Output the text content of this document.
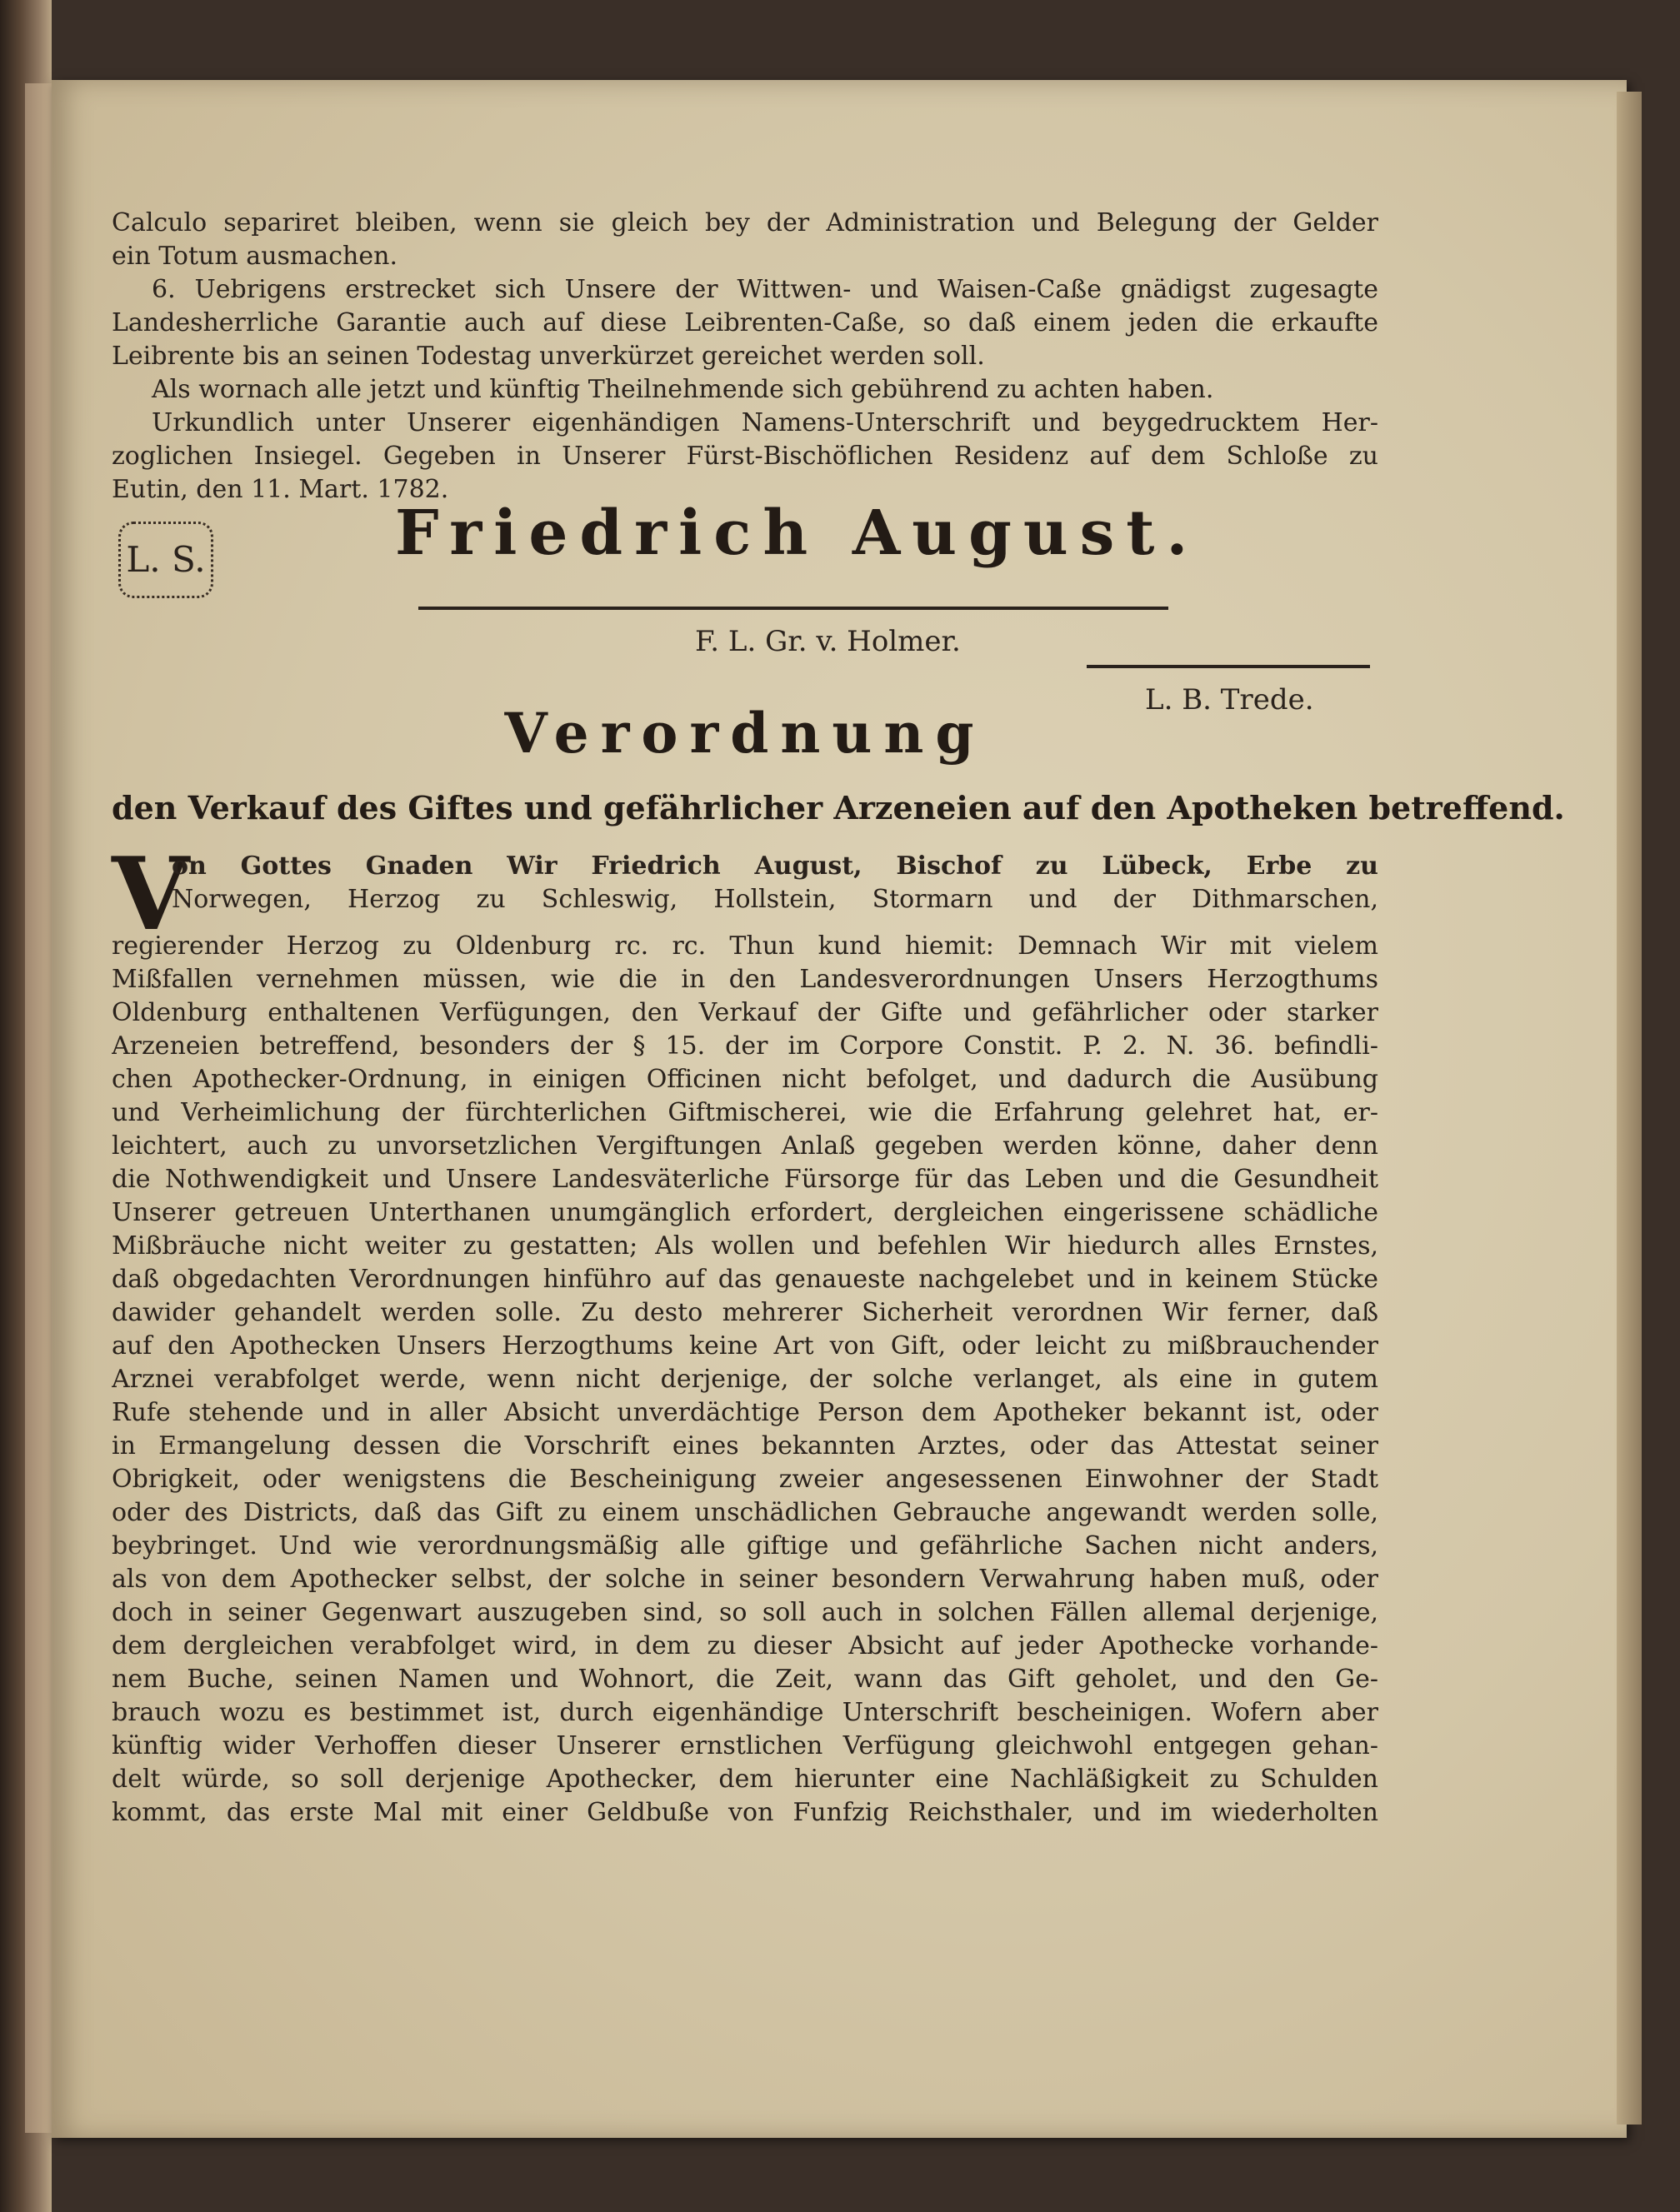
Calculo separiret bleiben, wenn sie gleich bey der Administration und Belegung der Gelder
ein Totum ausmachen.
6. Uebrigens erstrecket sich Unsere der Wittwen- und Waisen-Caße gnädigst zugesagte
Landesherrliche Garantie auch auf diese Leibrenten-Caße, so daß einem jeden die erkaufte
Leibrente bis an seinen Todestag unverkürzet gereichet werden soll.
Als wornach alle jetzt und künftig Theilnehmende sich gebührend zu achten haben.
Urkundlich unter Unserer eigenhändigen Namens-Unterschrift und beygedrucktem Her-
zoglichen Insiegel. Gegeben in Unserer Fürst-Bischöflichen Residenz auf dem Schloße zu
Eutin, den 11. Mart. 1782.
L. S.	Friedrich August.
F. L. Gr. v. Holmer.
L. B. Trede.
Verordnung
den Verkauf des Giftes und gefährlicher Arzeneien auf den Apotheken betreffend.
V
on Gottes Gnaden Wir Friedrich August, Bischof zu Lübeck, Erbe zu
Norwegen, Herzog zu Schleswig, Hollstein, Stormarn und der Dithmarschen,
regierender Herzog zu Oldenburg rc. rc. Thun kund hiemit: Demnach Wir mit vielem
Mißfallen vernehmen müssen, wie die in den Landesverordnungen Unsers Herzogthums
Oldenburg enthaltenen Verfügungen, den Verkauf der Gifte und gefährlicher oder starker
Arzeneien betreffend, besonders der § 15. der im Corpore Constit. P. 2. N. 36. befindli-
chen Apothecker-Ordnung, in einigen Officinen nicht befolget, und dadurch die Ausübung
und Verheimlichung der fürchterlichen Giftmischerei, wie die Erfahrung gelehret hat, er-
leichtert, auch zu unvorsetzlichen Vergiftungen Anlaß gegeben werden könne, daher denn
die Nothwendigkeit und Unsere Landesväterliche Fürsorge für das Leben und die Gesundheit
Unserer getreuen Unterthanen unumgänglich erfordert, dergleichen eingerissene schädliche
Mißbräuche nicht weiter zu gestatten; Als wollen und befehlen Wir hiedurch alles Ernstes,
daß obgedachten Verordnungen hinführo auf das genaueste nachgelebet und in keinem Stücke
dawider gehandelt werden solle. Zu desto mehrerer Sicherheit verordnen Wir ferner, daß
auf den Apothecken Unsers Herzogthums keine Art von Gift, oder leicht zu mißbrauchender
Arznei verabfolget werde, wenn nicht derjenige, der solche verlanget, als eine in gutem
Rufe stehende und in aller Absicht unverdächtige Person dem Apotheker bekannt ist, oder
in Ermangelung dessen die Vorschrift eines bekannten Arztes, oder das Attestat seiner
Obrigkeit, oder wenigstens die Bescheinigung zweier angesessenen Einwohner der Stadt
oder des Districts, daß das Gift zu einem unschädlichen Gebrauche angewandt werden solle,
beybringet. Und wie verordnungsmäßig alle giftige und gefährliche Sachen nicht anders,
als von dem Apothecker selbst, der solche in seiner besondern Verwahrung haben muß, oder
doch in seiner Gegenwart auszugeben sind, so soll auch in solchen Fällen allemal derjenige,
dem dergleichen verabfolget wird, in dem zu dieser Absicht auf jeder Apothecke vorhande-
nem Buche, seinen Namen und Wohnort, die Zeit, wann das Gift geholet, und den Ge-
brauch wozu es bestimmet ist, durch eigenhändige Unterschrift bescheinigen. Wofern aber
künftig wider Verhoffen dieser Unserer ernstlichen Verfügung gleichwohl entgegen gehan-
delt würde, so soll derjenige Apothecker, dem hierunter eine Nachläßigkeit zu Schulden
kommt, das erste Mal mit einer Geldbuße von Funfzig Reichsthaler, und im wiederholten
